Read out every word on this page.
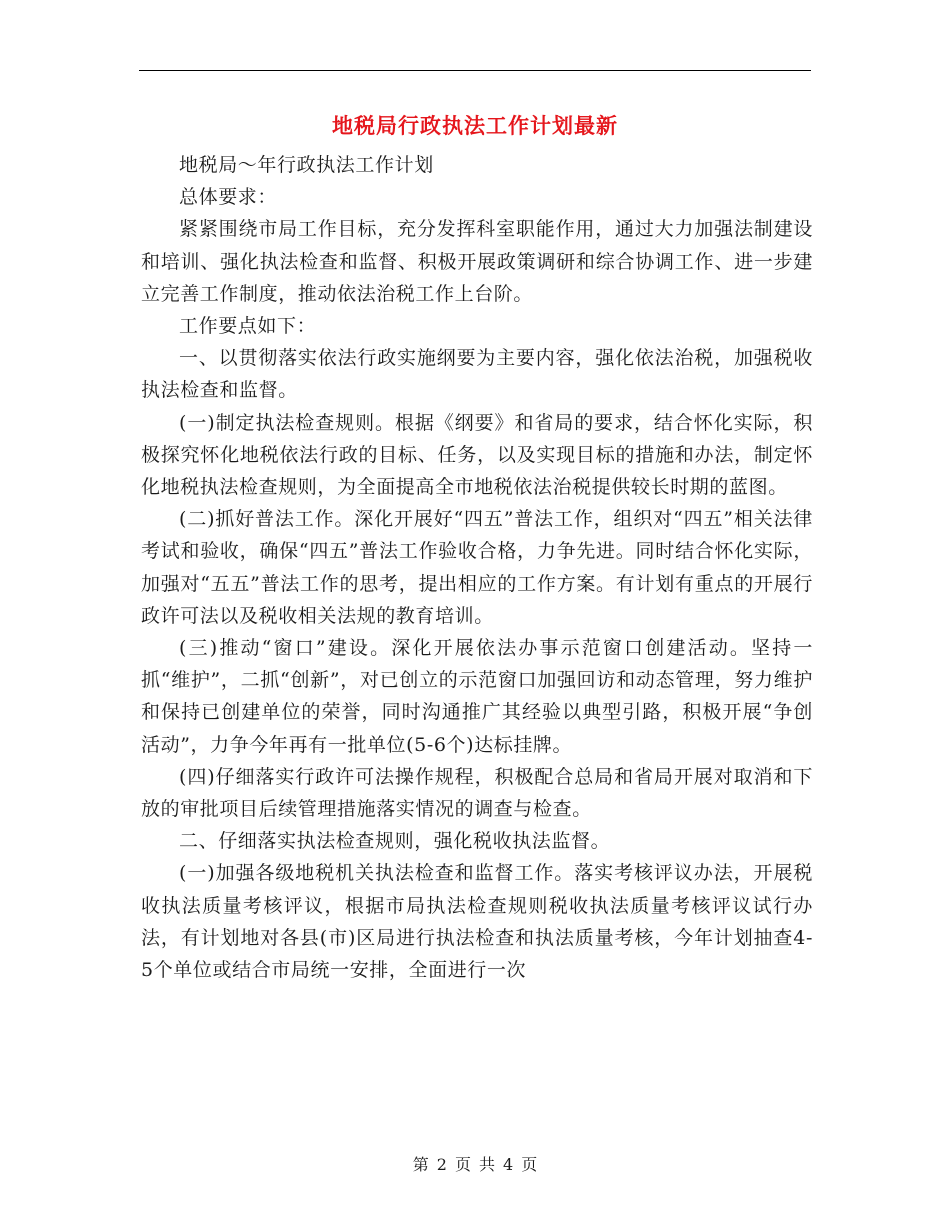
地税局行政执法工作计划最新

地税局～年行政执法工作计划

总体要求：

紧紧围绕市局工作目标，充分发挥科室职能作用，通过大力加强法制建设和培训、强化执法检查和监督、积极开展政策调研和综合协调工作、进一步建立完善工作制度，推动依法治税工作上台阶。

工作要点如下：

一、以贯彻落实依法行政实施纲要为主要内容，强化依法治税，加强税收执法检查和监督。

(一)制定执法检查规则。根据《纲要》和省局的要求，结合怀化实际，积极探究怀化地税依法行政的目标、任务，以及实现目标的措施和办法，制定怀化地税执法检查规则，为全面提高全市地税依法治税提供较长时期的蓝图。

(二)抓好普法工作。深化开展好“四五”普法工作，组织对“四五”相关法律考试和验收，确保“四五”普法工作验收合格，力争先进。同时结合怀化实际，加强对“五五”普法工作的思考，提出相应的工作方案。有计划有重点的开展行政许可法以及税收相关法规的教育培训。

(三)推动“窗口”建设。深化开展依法办事示范窗口创建活动。坚持一抓“维护”，二抓“创新”，对已创立的示范窗口加强回访和动态管理，努力维护和保持已创建单位的荣誉，同时沟通推广其经验以典型引路，积极开展“争创活动”，力争今年再有一批单位(5-6个)达标挂牌。

(四)仔细落实行政许可法操作规程，积极配合总局和省局开展对取消和下放的审批项目后续管理措施落实情况的调查与检查。

二、仔细落实执法检查规则，强化税收执法监督。

(一)加强各级地税机关执法检查和监督工作。落实考核评议办法，开展税收执法质量考核评议，根据市局执法检查规则税收执法质量考核评议试行办法，有计划地对各县(市)区局进行执法检查和执法质量考核，今年计划抽查4-5个单位或结合市局统一安排，全面进行一次

第 2 页 共 4 页
